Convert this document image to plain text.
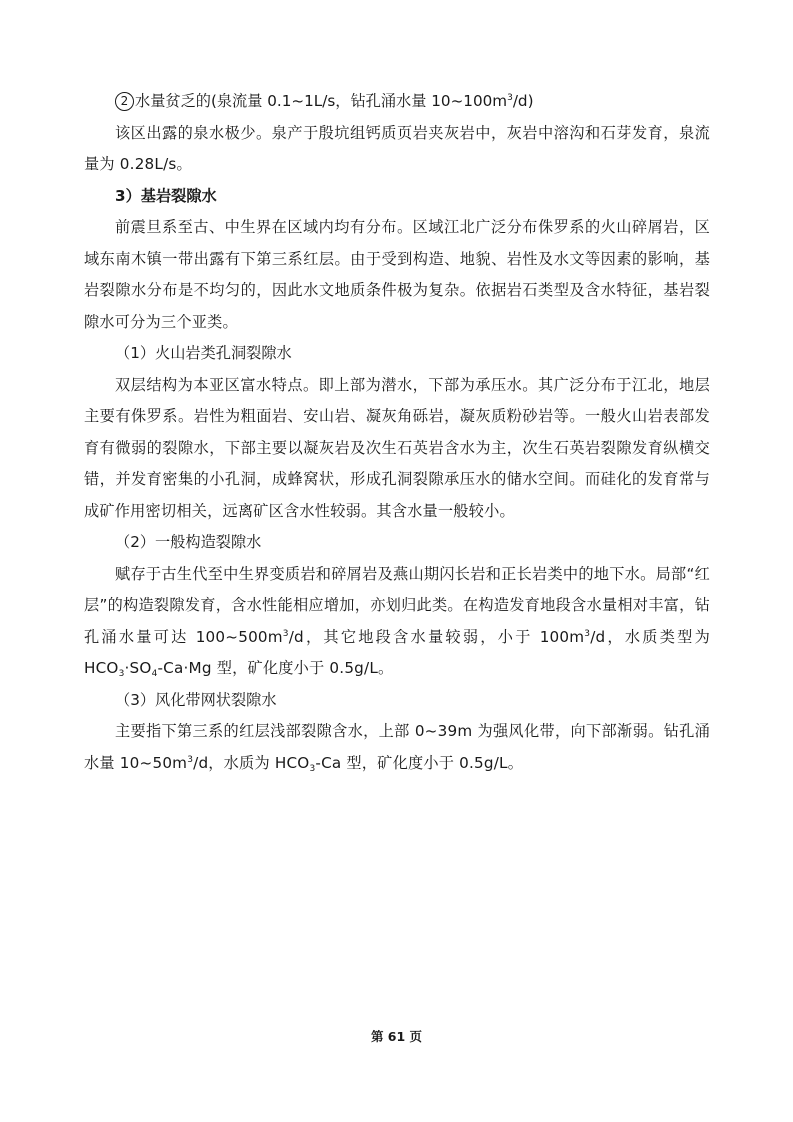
2 水量贫乏的(泉流量 0.1~1L/s，钻孔涌水量 $10\sim 100m^3/d$)

该区出露的泉水极少。泉产于殷坑组钙质页岩夹灰岩中，灰岩中溶沟和石芽发育，泉流量为 0.28L/s。

3）基岩裂隙水

前震旦系至古、中生界在区域内均有分布。区域江北广泛分布侏罗系的火山碎屑岩，区域东南木镇一带出露有下第三系红层。由于受到构造、地貌、岩性及水文等因素的影响，基岩裂隙水分布是不均匀的，因此水文地质条件极为复杂。依据岩石类型及含水特征，基岩裂隙水可分为三个亚类。

（1）火山岩类孔洞裂隙水

双层结构为本亚区富水特点。即上部为潜水，下部为承压水。其广泛分布于江北，地层主要有侏罗系。岩性为粗面岩、安山岩、凝灰角砾岩，凝灰质粉砂岩等。一般火山岩表部发育有微弱的裂隙水，下部主要以凝灰岩及次生石英岩含水为主，次生石英岩裂隙发育纵横交错，并发育密集的小孔洞，成蜂窝状，形成孔洞裂隙承压水的储水空间。而硅化的发育常与成矿作用密切相关，远离矿区含水性较弱。其含水量一般较小。

（2）一般构造裂隙水

赋存于古生代至中生界变质岩和碎屑岩及燕山期闪长岩和正长岩类中的地下水。局部“红层”的构造裂隙发育，含水性能相应增加，亦划归此类。在构造发育地段含水量相对丰富，钻孔涌水量可达 $100\sim 500m^3/d$，其它地段含水量较弱，小于 $100m^3/d$，水质类型为 $HCO_3\cdot SO_4-Ca\cdot Mg$ 型，矿化度小于 0.5g/L。

（3）风化带网状裂隙水

主要指下第三系的红层浅部裂隙含水，上部 0~39m 为强风化带，向下部渐弱。钻孔涌水量 $10\sim 50m^3/d$，水质为 $HCO_3-Ca$ 型，矿化度小于 0.5g/L。

第 61 页
